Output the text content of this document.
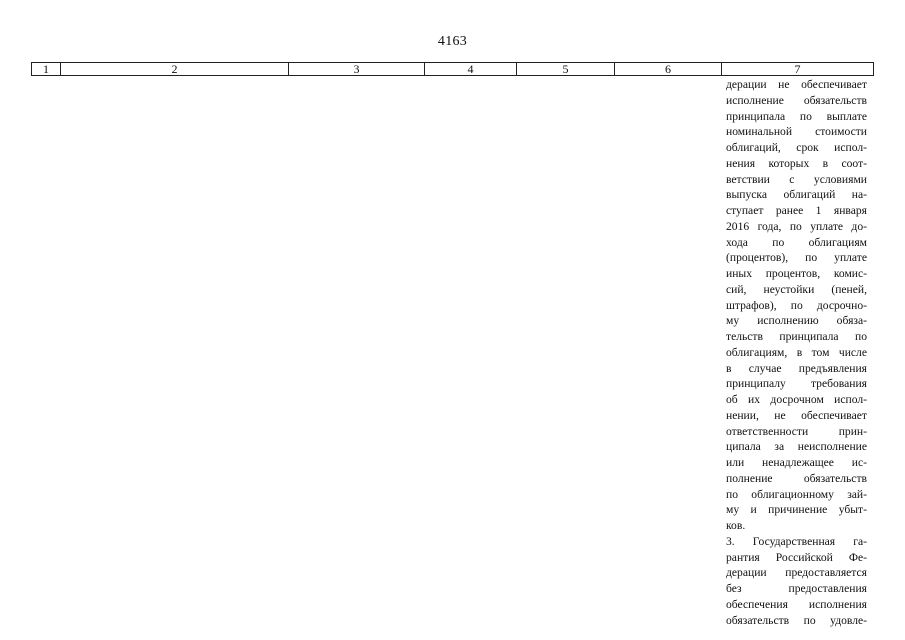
4163
1	2	3	4	5	6	7
дерации не обеспечивает
исполнение обязательств
принципала по выплате
номинальной стоимости
облигаций, срок испол-
нения которых в соот-
ветствии с условиями
выпуска облигаций на-
ступает ранее 1 января
2016 года, по уплате до-
хода по облигациям
(процентов), по уплате
иных процентов, комис-
сий, неустойки (пеней,
штрафов), по досрочно-
му исполнению обяза-
тельств принципала по
облигациям, в том числе
в случае предъявления
принципалу требования
об их досрочном испол-
нении, не обеспечивает
ответственности прин-
ципала за неисполнение
или ненадлежащее ис-
полнение обязательств
по облигационному зай-
му и причинение убыт-
ков.
3. Государственная га-
рантия Российской Фе-
дерации предоставляется
без предоставления
обеспечения исполнения
обязательств по удовле-
